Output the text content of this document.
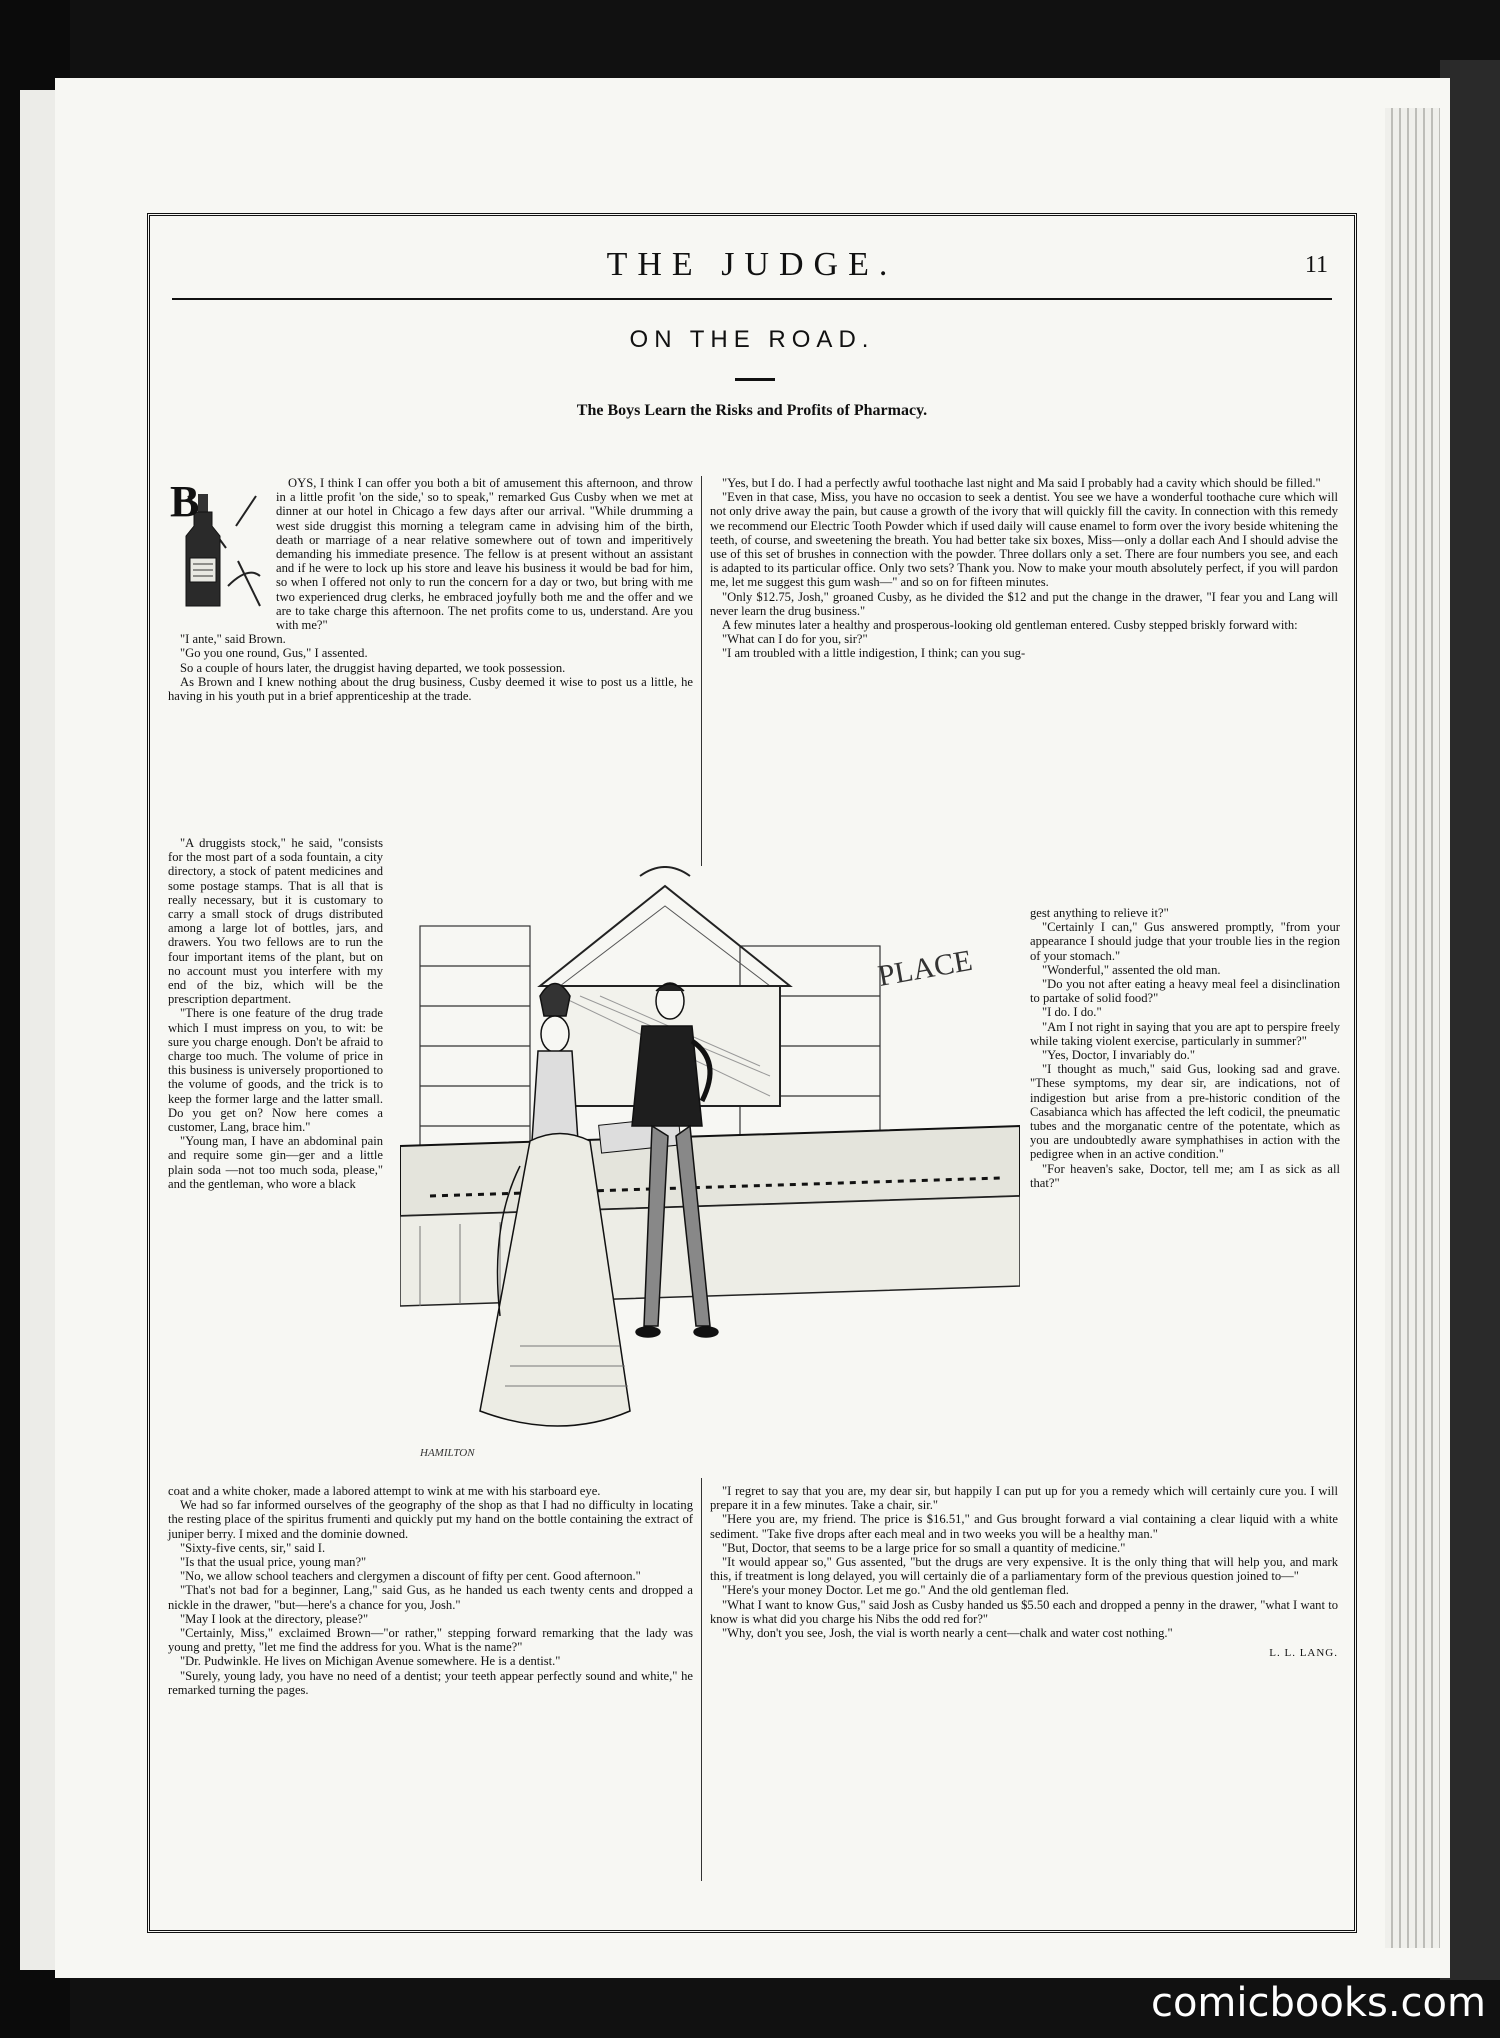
THE JUDGE.	11
ON THE ROAD.
The Boys Learn the Risks and Profits of Pharmacy.
B	OYS, I think I can offer you both a bit of amusement this afternoon, and throw in a little profit 'on the side,' so to speak," remarked Gus Cusby when we met at dinner at our hotel in Chicago a few days after our arrival. "While drumming a west side druggist this morning a telegram came in advising him of the birth, death or marriage of a near relative somewhere out of town and imperitively demanding his immediate presence. The fellow is at present without an assistant and if he were to lock up his store and leave his business it would be bad for him, so when I offered not only to run the concern for a day or two, but bring with me two experienced drug clerks, he embraced joyfully both me and the offer and we are to take charge this afternoon. The net profits come to us, understand. Are you with me?"

"I ante," said Brown.

"Go you one round, Gus," I assented.

So a couple of hours later, the druggist having departed, we took possession.

As Brown and I knew nothing about the drug business, Cusby deemed it wise to post us a little, he having in his youth put in a brief apprenticeship at the trade.

"A druggists stock," he said, "consists for the most part of a soda fountain, a city directory, a stock of patent medicines and some postage stamps. That is all that is really necessary, but it is customary to carry a small stock of drugs distributed among a large lot of bottles, jars, and drawers. You two fellows are to run the four important items of the plant, but on no account must you interfere with my end of the biz, which will be the prescription department.

"There is one feature of the drug trade which I must impress on you, to wit: be sure you charge enough. Don't be afraid to charge too much. The volume of price in this business is universely proportioned to the volume of goods, and the trick is to keep the former large and the latter small. Do you get on? Now here comes a customer, Lang, brace him."

"Young man, I have an abdominal pain and require some gin—ger and a little plain soda —not too much soda, please," and the gentleman, who wore a black

PLACE
HAMILTON

"Yes, but I do. I had a perfectly awful toothache last night and Ma said I probably had a cavity which should be filled."

"Even in that case, Miss, you have no occasion to seek a dentist. You see we have a wonderful toothache cure which will not only drive away the pain, but cause a growth of the ivory that will quickly fill the cavity. In connection with this remedy we recommend our Electric Tooth Powder which if used daily will cause enamel to form over the ivory beside whitening the teeth, of course, and sweetening the breath. You had better take six boxes, Miss—only a dollar each And I should advise the use of this set of brushes in connection with the powder. Three dollars only a set. There are four numbers you see, and each is adapted to its particular office. Only two sets? Thank you. Now to make your mouth absolutely perfect, if you will pardon me, let me suggest this gum wash—" and so on for fifteen minutes.

"Only $12.75, Josh," groaned Cusby, as he divided the $12 and put the change in the drawer, "I fear you and Lang will never learn the drug business."

A few minutes later a healthy and prosperous-looking old gentleman entered. Cusby stepped briskly forward with:

"What can I do for you, sir?"

"I am troubled with a little indigestion, I think; can you sug-

gest anything to relieve it?"

"Certainly I can," Gus answered promptly, "from your appearance I should judge that your trouble lies in the region of your stomach."

"Wonderful," assented the old man.

"Do you not after eating a heavy meal feel a disinclination to partake of solid food?"

"I do. I do."

"Am I not right in saying that you are apt to perspire freely while taking violent exercise, particularly in summer?"

"Yes, Doctor, I invariably do."

"I thought as much," said Gus, looking sad and grave. "These symptoms, my dear sir, are indications, not of indigestion but arise from a pre-historic condition of the Casabianca which has affected the left codicil, the pneumatic tubes and the morganatic centre of the potentate, which as you are undoubtedly aware symphathises in action with the pedigree when in an active condition."

"For heaven's sake, Doctor, tell me; am I as sick as all that?"

coat and a white choker, made a labored attempt to wink at me with his starboard eye.

We had so far informed ourselves of the geography of the shop as that I had no difficulty in locating the resting place of the spiritus frumenti and quickly put my hand on the bottle containing the extract of juniper berry. I mixed and the dominie downed.

"Sixty-five cents, sir," said I.

"Is that the usual price, young man?"

"No, we allow school teachers and clergymen a discount of fifty per cent. Good afternoon."

"That's not bad for a beginner, Lang," said Gus, as he handed us each twenty cents and dropped a nickle in the drawer, "but—here's a chance for you, Josh."

"May I look at the directory, please?"

"Certainly, Miss," exclaimed Brown—"or rather," stepping forward remarking that the lady was young and pretty, "let me find the address for you. What is the name?"

"Dr. Pudwinkle. He lives on Michigan Avenue somewhere. He is a dentist."

"Surely, young lady, you have no need of a dentist; your teeth appear perfectly sound and white," he remarked turning the pages.

"I regret to say that you are, my dear sir, but happily I can put up for you a remedy which will certainly cure you. I will prepare it in a few minutes. Take a chair, sir."

"Here you are, my friend. The price is $16.51," and Gus brought forward a vial containing a clear liquid with a white sediment. "Take five drops after each meal and in two weeks you will be a healthy man."

"But, Doctor, that seems to be a large price for so small a quantity of medicine."

"It would appear so," Gus assented, "but the drugs are very expensive. It is the only thing that will help you, and mark this, if treatment is long delayed, you will certainly die of a parliamentary form of the previous question joined to—"

"Here's your money Doctor. Let me go." And the old gentleman fled.

"What I want to know Gus," said Josh as Cusby handed us $5.50 each and dropped a penny in the drawer, "what I want to know is what did you charge his Nibs the odd red for?"

"Why, don't you see, Josh, the vial is worth nearly a cent—chalk and water cost nothing."

L. L. LANG.
comicbooks.com
